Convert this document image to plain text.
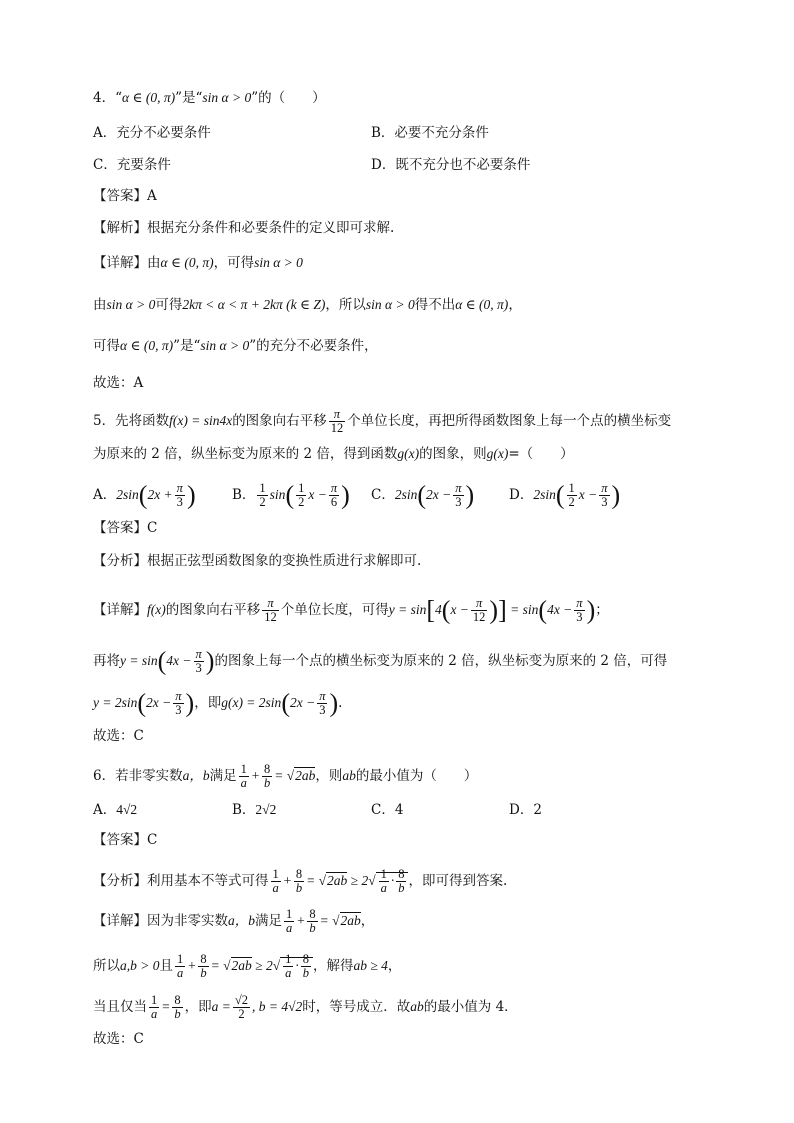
4．“α ∈ (0, π)”是“sin α > 0”的（　　）
A．充分不必要条件	B．必要不充分条件
C．充要条件	D．既不充分也不必要条件
【答案】A
【解析】根据充分条件和必要条件的定义即可求解.
【详解】由α ∈ (0, π)，可得sin α > 0
由sin α > 0可得2kπ < α < π + 2kπ (k ∈ Z)，所以sin α > 0得不出α ∈ (0, π)，
可得α ∈ (0, π)”是“sin α > 0”的充分不必要条件，
故选：A
5．先将函数f(x) = sin4x的图象向右平移 $\frac{\pi}{12}$ 个单位长度，再把所得函数图象上每一个点的横坐标变
为原来的 2 倍，纵坐标变为原来的 2 倍，得到函数g(x)的图象，则g(x)=（　　）
A．$2\sin(2x + \frac{\pi}{3}$ )	B． $\frac{1}{2} \sin( \frac{1}{2}$ $x - \frac{\pi}{6}$ ) C．$2\sin(2x - \frac{\pi}{3}$ )	D．$2\sin( \frac{1}{2}$ $x - \frac{\pi}{3}$ )
【答案】C
【分析】根据正弦型函数图象的变换性质进行求解即可.
【详解】f(x)的图象向右平移 $\frac{\pi}{12}$ 个单位长度，可得$y = \sin[4(x - \frac{\pi}{12}$ )] = $\sin(4x - \frac{\pi}{3}$ )；
再将$y = \sin(4x - \frac{\pi}{3}$ )的图象上每一个点的横坐标变为原来的 2 倍，纵坐标变为原来的 2 倍，可得
$y = 2\sin(2x - \frac{\pi}{3}$ )，即$g(x) = 2\sin(2x - \frac{\pi}{3}$ ).
故选：C
6．若非零实数a，b满足 $\frac{1}{a} + \frac{8}{b} = √2ab$，则ab的最小值为（　　）
A．4√2	B．2√2	C．4	D．2
【答案】C
【分析】利用基本不等式可得 $\frac{1}{a} + \frac{8}{b} = √2ab \ge 2√ \frac{1}{a} \cdot \frac{8}{b}$ ，即可得到答案.
【详解】因为非零实数a，b满足 $\frac{1}{a} + \frac{8}{b} = √2ab$，
所以a,b > 0且 $\frac{1}{a} + \frac{8}{b} = √2ab \ge 2√ \frac{1}{a} \cdot \frac{8}{b}$ ，解得ab ≥ 4，
当且仅当 $\frac{1}{a} = \frac{8}{b}$ ，即$a = \frac{√2}{2}$ , b = 4√2时，等号成立．故ab的最小值为 4．
故选：C
